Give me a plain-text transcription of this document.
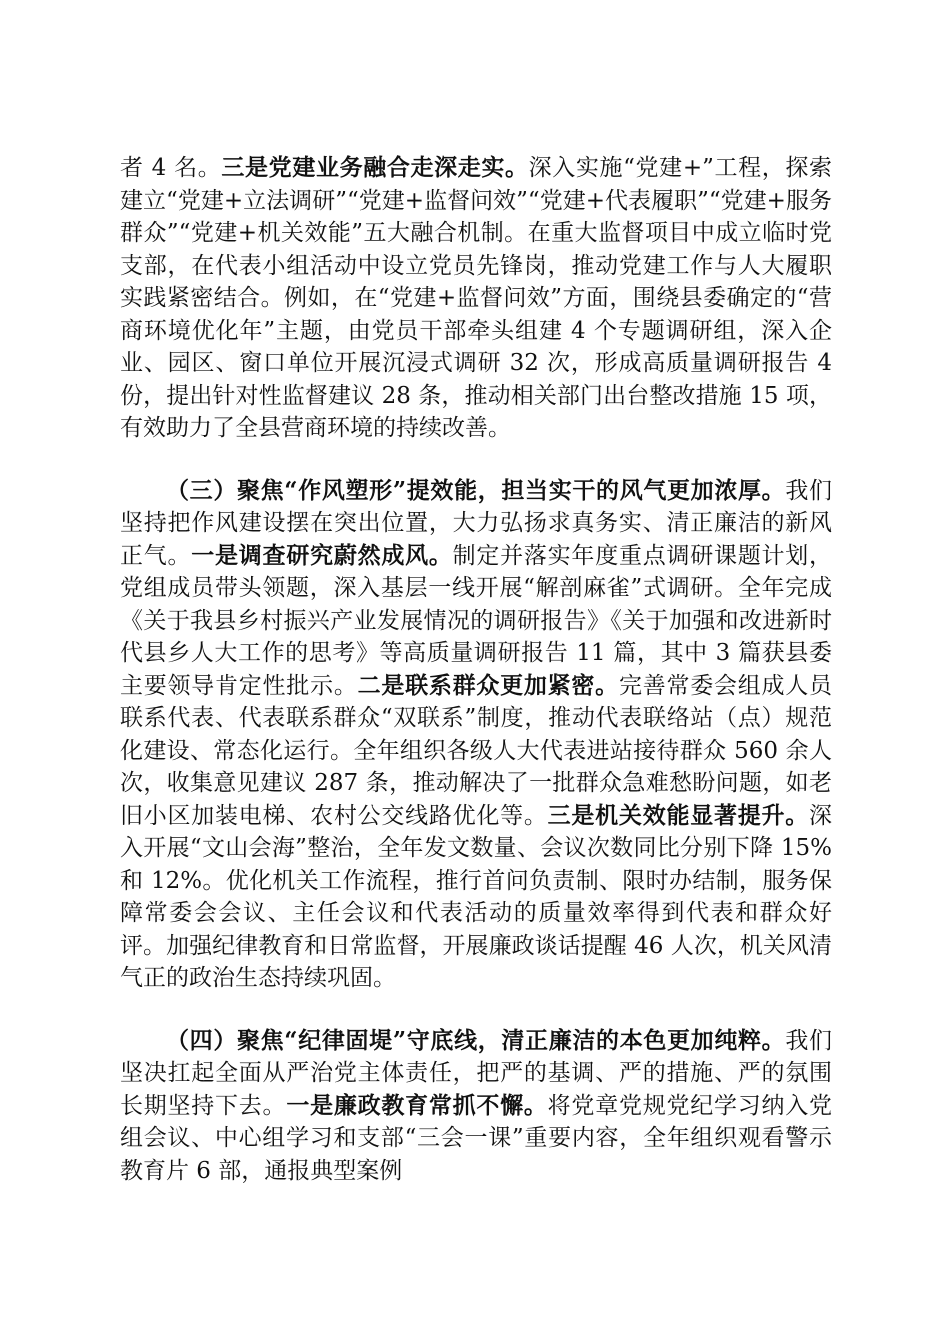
者 4 名。三是党建业务融合走深走实。深入实施“党建+”工程，探索建立“党建+立法调研”“党建+监督问效”“党建+代表履职”“党建+服务群众”“党建+机关效能”五大融合机制。在重大监督项目中成立临时党支部，在代表小组活动中设立党员先锋岗，推动党建工作与人大履职实践紧密结合。例如，在“党建+监督问效”方面，围绕县委确定的“营商环境优化年”主题，由党员干部牵头组建 4 个专题调研组，深入企业、园区、窗口单位开展沉浸式调研 32 次，形成高质量调研报告 4 份，提出针对性监督建议 28 条，推动相关部门出台整改措施 15 项，有效助力了全县营商环境的持续改善。

（三）聚焦“作风塑形”提效能，担当实干的风气更加浓厚。我们坚持把作风建设摆在突出位置，大力弘扬求真务实、清正廉洁的新风正气。一是调查研究蔚然成风。制定并落实年度重点调研课题计划，党组成员带头领题，深入基层一线开展“解剖麻雀”式调研。全年完成《关于我县乡村振兴产业发展情况的调研报告》《关于加强和改进新时代县乡人大工作的思考》等高质量调研报告 11 篇，其中 3 篇获县委主要领导肯定性批示。二是联系群众更加紧密。完善常委会组成人员联系代表、代表联系群众“双联系”制度，推动代表联络站（点）规范化建设、常态化运行。全年组织各级人大代表进站接待群众 560 余人次，收集意见建议 287 条，推动解决了一批群众急难愁盼问题，如老旧小区加装电梯、农村公交线路优化等。三是机关效能显著提升。深入开展“文山会海”整治，全年发文数量、会议次数同比分别下降 15%和 12%。优化机关工作流程，推行首问负责制、限时办结制，服务保障常委会会议、主任会议和代表活动的质量效率得到代表和群众好评。加强纪律教育和日常监督，开展廉政谈话提醒 46 人次，机关风清气正的政治生态持续巩固。

（四）聚焦“纪律固堤”守底线，清正廉洁的本色更加纯粹。我们坚决扛起全面从严治党主体责任，把严的基调、严的措施、严的氛围长期坚持下去。一是廉政教育常抓不懈。将党章党规党纪学习纳入党组会议、中心组学习和支部“三会一课”重要内容，全年组织观看警示教育片 6 部，通报典型案例
